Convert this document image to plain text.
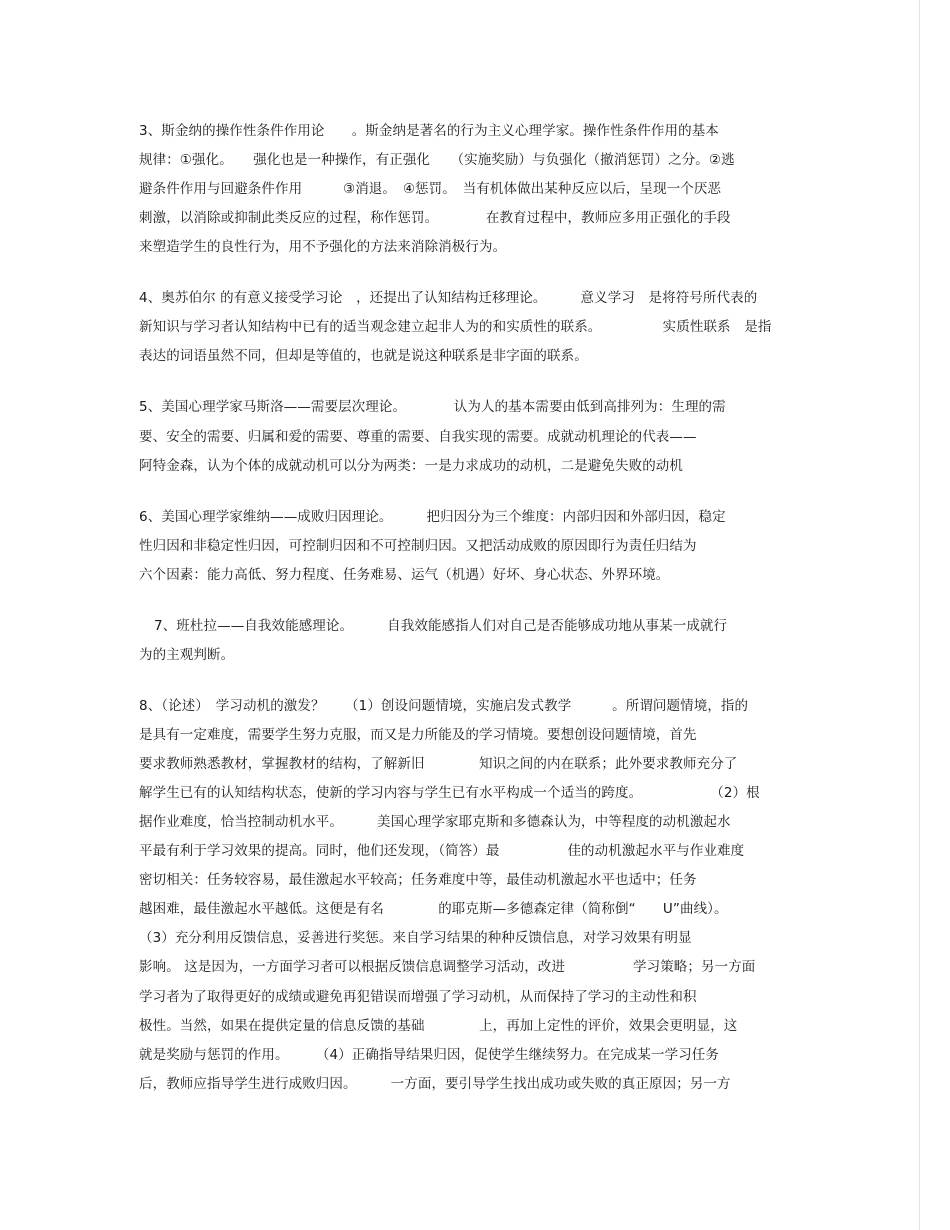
3、斯金纳的操作性条件作用论　　。斯金纳是著名的行为主义心理学家。操作性条件作用的基本
规律：①强化。　　强化也是一种操作，有正强化　　（实施奖励）与负强化（撤消惩罚）之分。②逃
避条件作用与回避条件作用　　　③消退。　④惩罚。　当有机体做出某种反应以后，呈现一个厌恶
刺激，以消除或抑制此类反应的过程，称作惩罚。　　　　在教育过程中，教师应多用正强化的手段
来塑造学生的良性行为，用不予强化的方法来消除消极行为。
4、奥苏伯尔 的有意义接受学习论　，还提出了认知结构迁移理论。　　　意义学习　是将符号所代表的
新知识与学习者认知结构中已有的适当观念建立起非人为的和实质性的联系。　　　　　实质性联系　是指
表达的词语虽然不同，但却是等值的，也就是说这种联系是非字面的联系。
5、美国心理学家马斯洛——需要层次理论。　　　　认为人的基本需要由低到高排列为：生理的需
要、安全的需要、归属和爱的需要、尊重的需要、自我实现的需要。成就动机理论的代表——
阿特金森，认为个体的成就动机可以分为两类：一是力求成功的动机，二是避免失败的动机
6、美国心理学家维纳——成败归因理论。　　　把归因分为三个维度：内部归因和外部归因，稳定
性归因和非稳定性归因，可控制归因和不可控制归因。又把活动成败的原因即行为责任归结为
六个因素：能力高低、努力程度、任务难易、运气（机遇）好坏、身心状态、外界环境。
7、班杜拉——自我效能感理论。　　　自我效能感指人们对自己是否能够成功地从事某一成就行
为的主观判断。
8、（论述）　学习动机的激发？　　（1）创设问题情境，实施启发式教学　　　。所谓问题情境，指的
是具有一定难度，需要学生努力克服，而又是力所能及的学习情境。要想创设问题情境，首先
要求教师熟悉教材，掌握教材的结构，了解新旧　　　　知识之间的内在联系；此外要求教师充分了
解学生已有的认知结构状态，使新的学习内容与学生已有水平构成一个适当的跨度。　　　　　　（2）根
据作业难度，恰当控制动机水平。　　　美国心理学家耶克斯和多德森认为，中等程度的动机激起水
平最有利于学习效果的提高。同时，他们还发现，（简答）最　　　　　佳的动机激起水平与作业难度
密切相关：任务较容易，最佳激起水平较高；任务难度中等，最佳动机激起水平也适中；任务
越困难，最佳激起水平越低。这便是有名　　　　的耶克斯—多德森定律（简称倒“　　U”曲线）。
（3）充分利用反馈信息，妥善进行奖惩。来自学习结果的种种反馈信息，对学习效果有明显
影响。 这是因为，一方面学习者可以根据反馈信息调整学习活动，改进　　　　　学习策略；另一方面
学习者为了取得更好的成绩或避免再犯错误而增强了学习动机，从而保持了学习的主动性和积
极性。当然，如果在提供定量的信息反馈的基础　　　　上，再加上定性的评价，效果会更明显，这
就是奖励与惩罚的作用。　　　（4）正确指导结果归因，促使学生继续努力。在完成某一学习任务
后，教师应指导学生进行成败归因。　　　一方面，要引导学生找出成功或失败的真正原因；另一方
